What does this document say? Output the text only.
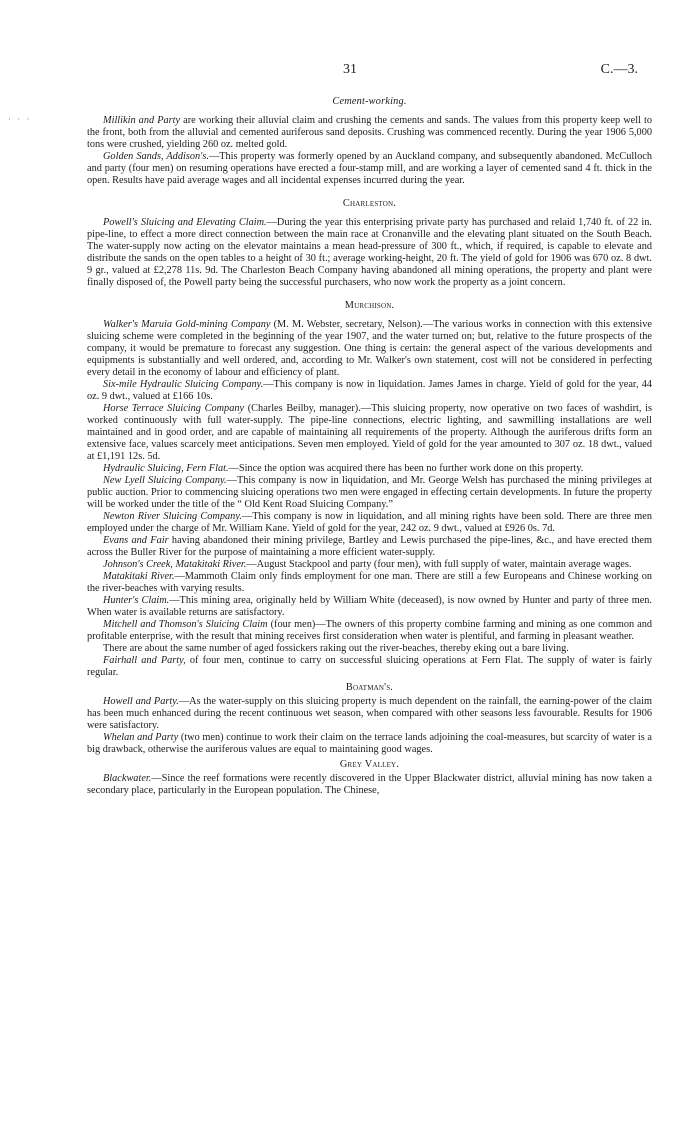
31	C.—3.
· · ·
Cement-working.

Millikin and Party are working their alluvial claim and crushing the cements and sands. The values from this property keep well to the front, both from the alluvial and cemented auriferous sand deposits. Crushing was commenced recently. During the year 1906 5,000 tons were crushed, yielding 260 oz. melted gold.

Golden Sands, Addison's.—This property was formerly opened by an Auckland company, and subsequently abandoned. McCulloch and party (four men) on resuming operations have erected a four-stamp mill, and are working a layer of cemented sand 4 ft. thick in the open. Results have paid average wages and all incidental expenses incurred during the year.

Charleston.

Powell's Sluicing and Elevating Claim.—During the year this enterprising private party has purchased and relaid 1,740 ft. of 22 in. pipe-line, to effect a more direct connection between the main race at Cronanville and the elevating plant situated on the South Beach. The water-supply now acting on the elevator maintains a mean head-pressure of 300 ft., which, if required, is capable to elevate and distribute the sands on the open tables to a height of 30 ft.; average working-height, 20 ft. The yield of gold for 1906 was 670 oz. 8 dwt. 9 gr., valued at £2,278 11s. 9d. The Charleston Beach Company having abandoned all mining operations, the property and plant were finally disposed of, the Powell party being the successful purchasers, who now work the property as a joint concern.

Murchison.

Walker's Maruia Gold-mining Company (M. M. Webster, secretary, Nelson).—The various works in connection with this extensive sluicing scheme were completed in the beginning of the year 1907, and the water turned on; but, relative to the future prospects of the company, it would be premature to forecast any suggestion. One thing is certain: the general aspect of the various developments and equipments is substantially and well ordered, and, according to Mr. Walker's own statement, cost will not be considered in perfecting every detail in the economy of labour and efficiency of plant.

Six-mile Hydraulic Sluicing Company.—This company is now in liquidation. James James in charge. Yield of gold for the year, 44 oz. 9 dwt., valued at £166 10s.

Horse Terrace Sluicing Company (Charles Beilby, manager).—This sluicing property, now operative on two faces of washdirt, is worked continuously with full water-supply. The pipe-line connections, electric lighting, and sawmilling installations are well maintained and in good order, and are capable of maintaining all requirements of the property. Although the auriferous drifts form an extensive face, values scarcely meet anticipations. Seven men employed. Yield of gold for the year amounted to 307 oz. 18 dwt., valued at £1,191 12s. 5d.

Hydraulic Sluicing, Fern Flat.—Since the option was acquired there has been no further work done on this property.

New Lyell Sluicing Company.—This company is now in liquidation, and Mr. George Welsh has purchased the mining privileges at public auction. Prior to commencing sluicing operations two men were engaged in effecting certain developments. In future the property will be worked under the title of the “ Old Kent Road Sluicing Company.”

Newton River Sluicing Company.—This company is now in liquidation, and all mining rights have been sold. There are three men employed under the charge of Mr. William Kane. Yield of gold for the year, 242 oz. 9 dwt., valued at £926 0s. 7d.

Evans and Fair having abandoned their mining privilege, Bartley and Lewis purchased the pipe-lines, &c., and have erected them across the Buller River for the purpose of maintaining a more efficient water-supply.

Johnson's Creek, Matakitaki River.—August Stackpool and party (four men), with full supply of water, maintain average wages.

Matakitaki River.—Mammoth Claim only finds employment for one man. There are still a few Europeans and Chinese working on the river-beaches with varying results.

Hunter's Claim.—This mining area, originally held by William White (deceased), is now owned by Hunter and party of three men. When water is available returns are satisfactory.

Mitchell and Thomson's Sluicing Claim (four men)—The owners of this property combine farming and mining as one common and profitable enterprise, with the result that mining receives first consideration when water is plentiful, and farming in pleasant weather.

There are about the same number of aged fossickers raking out the river-beaches, thereby eking out a bare living.

Fairhall and Party, of four men, continue to carry on successful sluicing operations at Fern Flat. The supply of water is fairly regular.

Boatman's.

Howell and Party.—As the water-supply on this sluicing property is much dependent on the rainfall, the earning-power of the claim has been much enhanced during the recent continuous wet season, when compared with other seasons less favourable. Results for 1906 were satisfactory.

Whelan and Party (two men) continue to work their claim on the terrace lands adjoining the coal-measures, but scarcity of water is a big drawback, otherwise the auriferous values are equal to maintaining good wages.

Grey Valley.

Blackwater.—Since the reef formations were recently discovered in the Upper Blackwater district, alluvial mining has now taken a secondary place, particularly in the European population. The Chinese,
